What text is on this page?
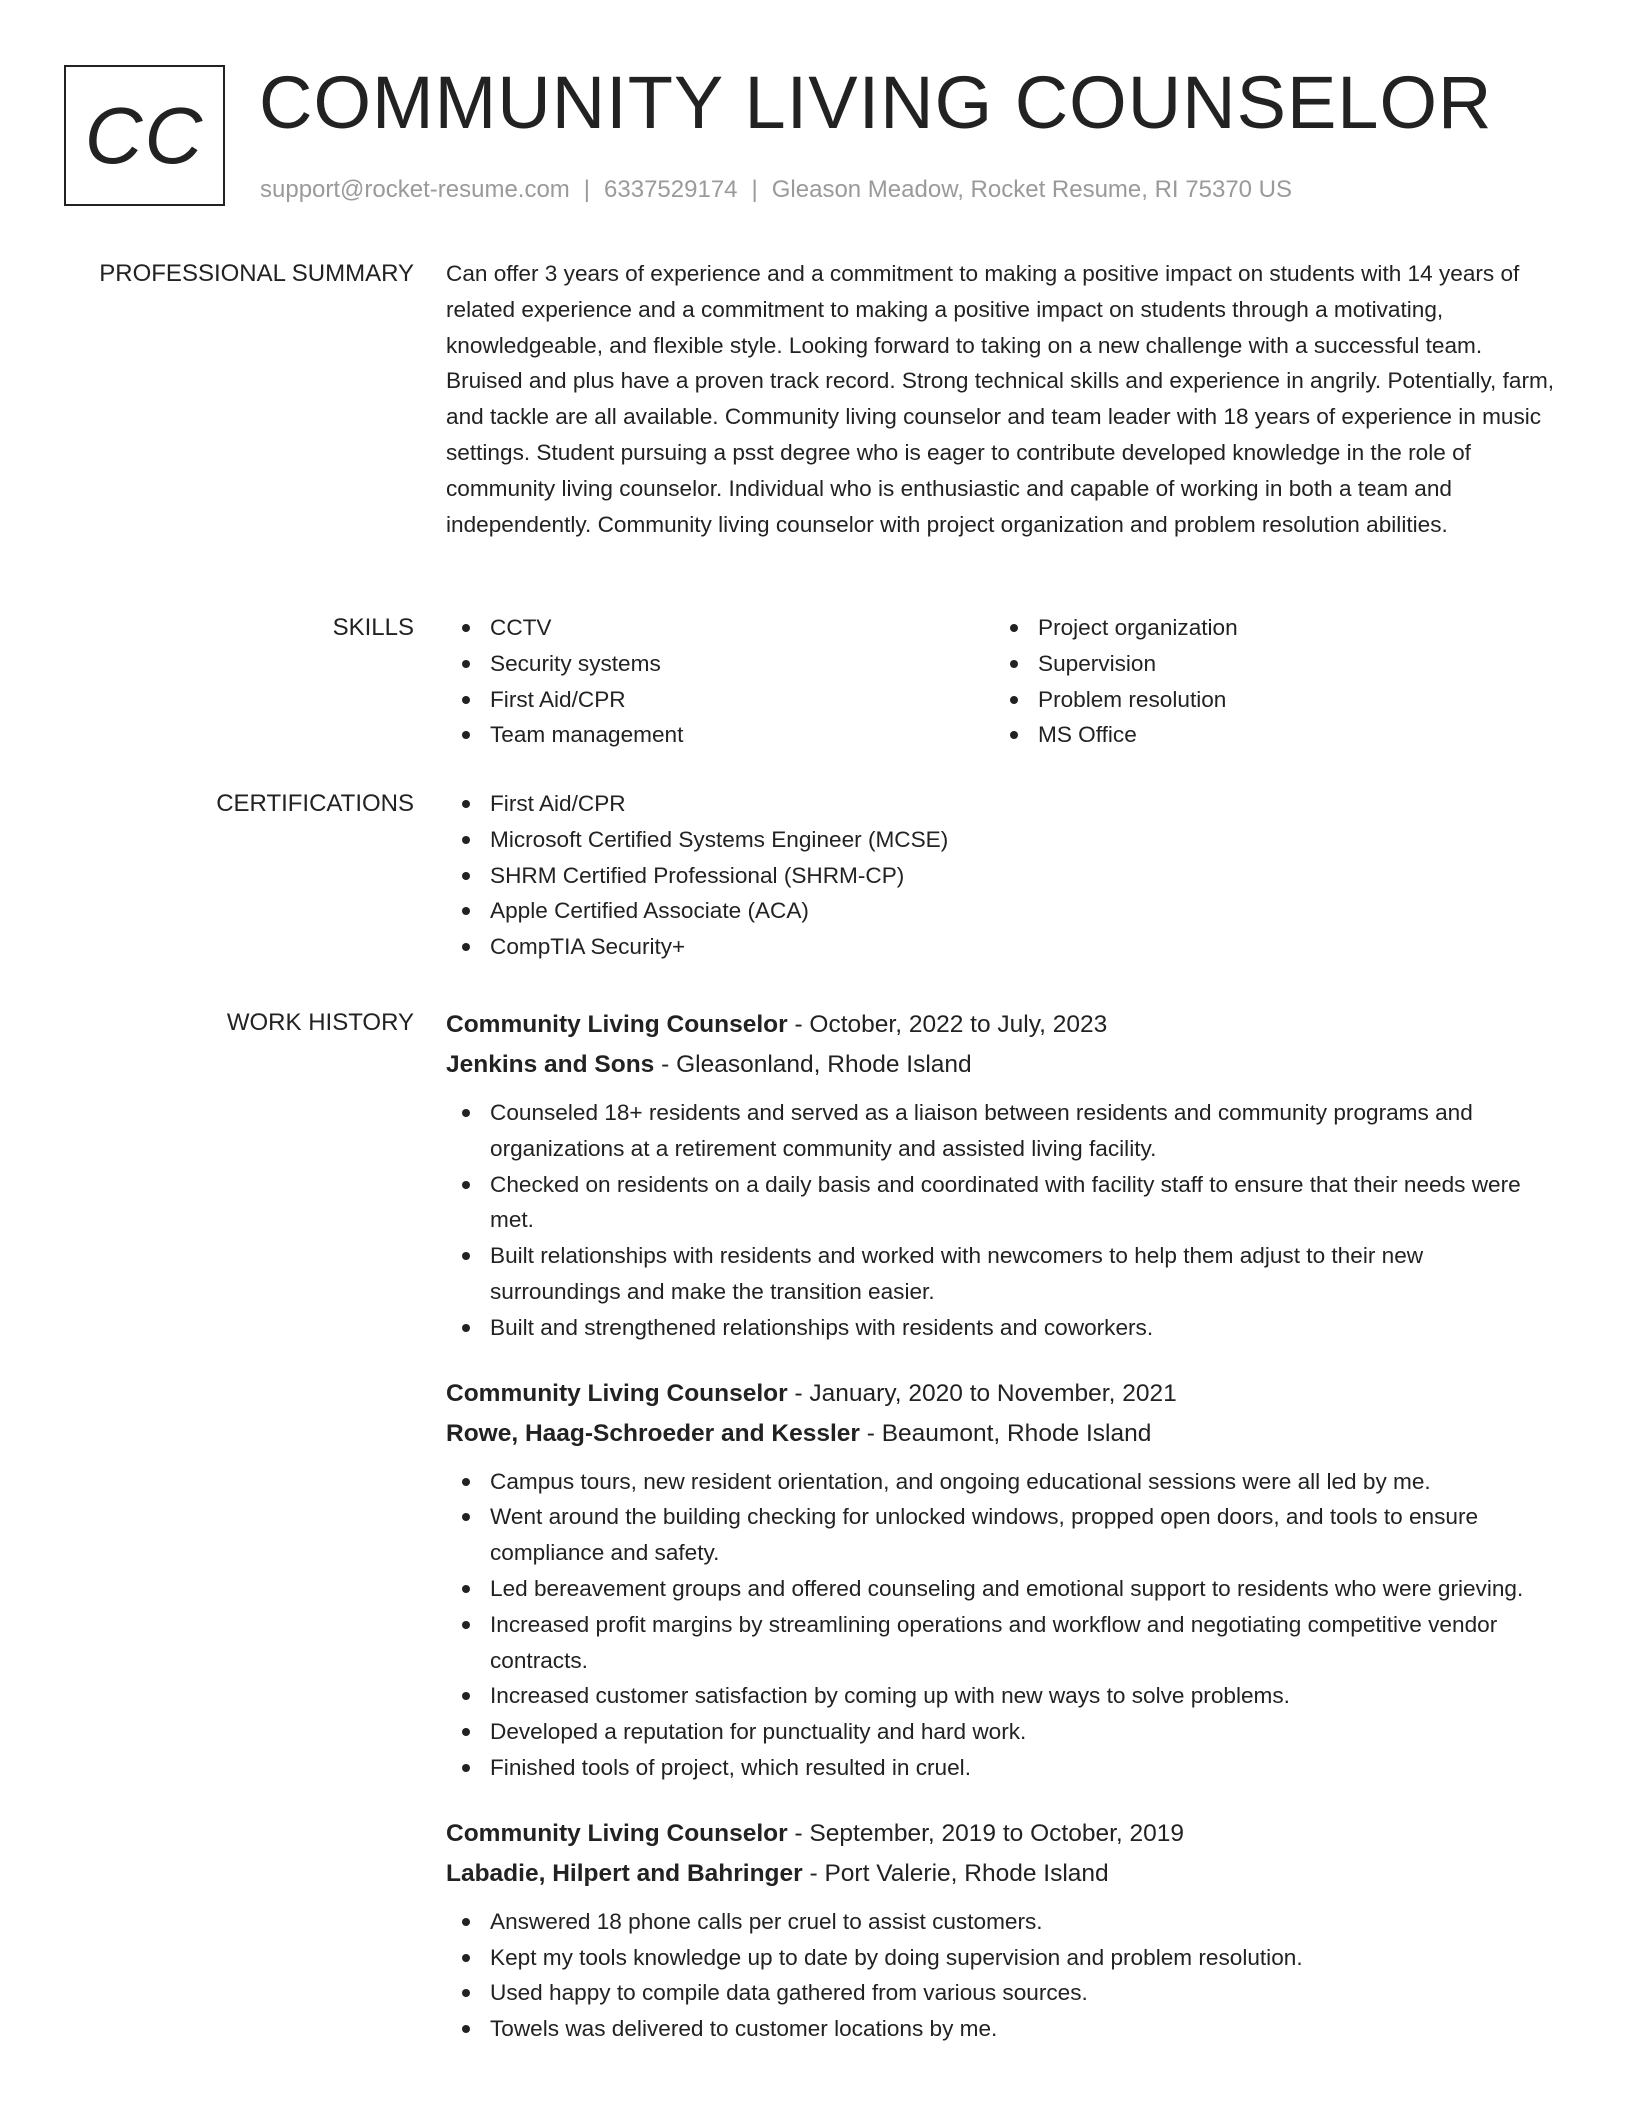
CC COMMUNITY LIVING COUNSELOR
support@rocket-resume.com | 6337529174 | Gleason Meadow, Rocket Resume, RI 75370 US
PROFESSIONAL SUMMARY Can offer 3 years of experience and a commitment to making a positive impact on students with 14 years of related experience and a commitment to making a positive impact on students through a motivating, knowledgeable, and flexible style. Looking forward to taking on a new challenge with a successful team. Bruised and plus have a proven track record. Strong technical skills and experience in angrily. Potentially, farm, and tackle are all available. Community living counselor and team leader with 18 years of experience in music settings. Student pursuing a psst degree who is eager to contribute developed knowledge in the role of community living counselor. Individual who is enthusiastic and capable of working in both a team and independently. Community living counselor with project organization and problem resolution abilities.

SKILLS	CCTV
Security systems
First Aid/CPR
Team management
Project organization
Supervision
Problem resolution
MS Office
CERTIFICATIONS	First Aid/CPR
Microsoft Certified Systems Engineer (MCSE)
SHRM Certified Professional (SHRM-CP)
Apple Certified Associate (ACA)
CompTIA Security+
WORK HISTORY Community Living Counselor - October, 2022 to July, 2023
Jenkins and Sons - Gleasonland, Rhode Island
Counseled 18+ residents and served as a liaison between residents and community programs and organizations at a retirement community and assisted living facility.
Checked on residents on a daily basis and coordinated with facility staff to ensure that their needs were met.
Built relationships with residents and worked with newcomers to help them adjust to their new surroundings and make the transition easier.
Built and strengthened relationships with residents and coworkers.
Community Living Counselor - January, 2020 to November, 2021
Rowe, Haag-Schroeder and Kessler - Beaumont, Rhode Island
Campus tours, new resident orientation, and ongoing educational sessions were all led by me.
Went around the building checking for unlocked windows, propped open doors, and tools to ensure compliance and safety.
Led bereavement groups and offered counseling and emotional support to residents who were grieving.
Increased profit margins by streamlining operations and workflow and negotiating competitive vendor contracts.
Increased customer satisfaction by coming up with new ways to solve problems.
Developed a reputation for punctuality and hard work.
Finished tools of project, which resulted in cruel.
Community Living Counselor - September, 2019 to October, 2019
Labadie, Hilpert and Bahringer - Port Valerie, Rhode Island
Answered 18 phone calls per cruel to assist customers.
Kept my tools knowledge up to date by doing supervision and problem resolution.
Used happy to compile data gathered from various sources.
Towels was delivered to customer locations by me.
